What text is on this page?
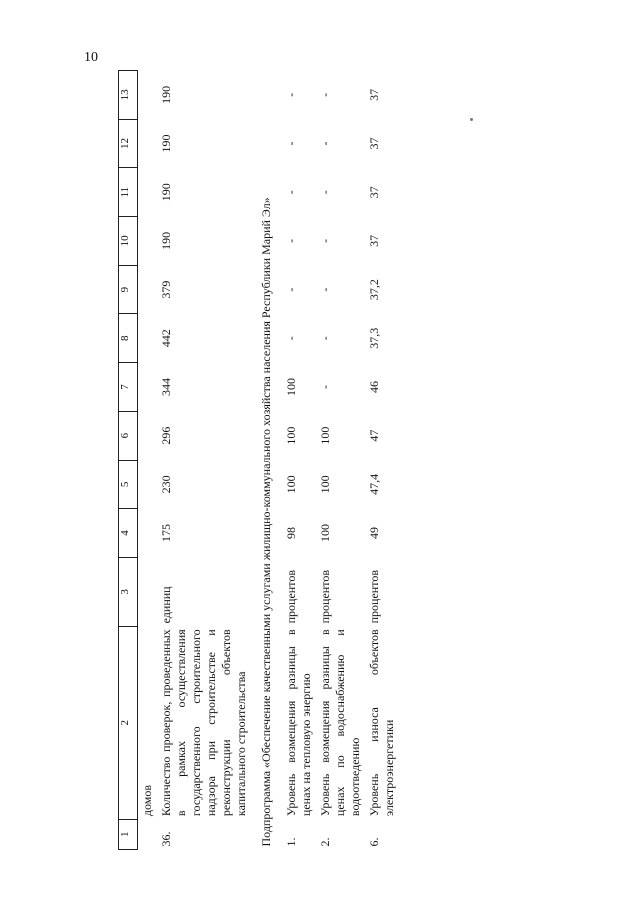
10
1	2	3	4	5	6	7	8	9	10	11	12	13
	домов											
36.	Количество проверок, проведенных в рамках осуществления государственного строительного надзора при строительстве и реконструкции объектов капитального строительства	единиц	175	230	296	344	442	379	190	190	190	190
Подпрограмма «Обеспечение качественными услугами жилищно-коммунального хозяйства населения Республики Марий Эл»												
1.	Уровень возмещения разницы в ценах на тепловую энергию	процентов	98	100	100	100	-	-	-	-	-	-
2.	Уровень возмещения разницы в ценах по водоснабжению и водоотведению	процентов	100	100	100	-	-	-	-	-	-	-
6.	Уровень износа объектов электроэнергетики	процентов	49	47,4	47	46	37,3	37,2	37	37	37	37
